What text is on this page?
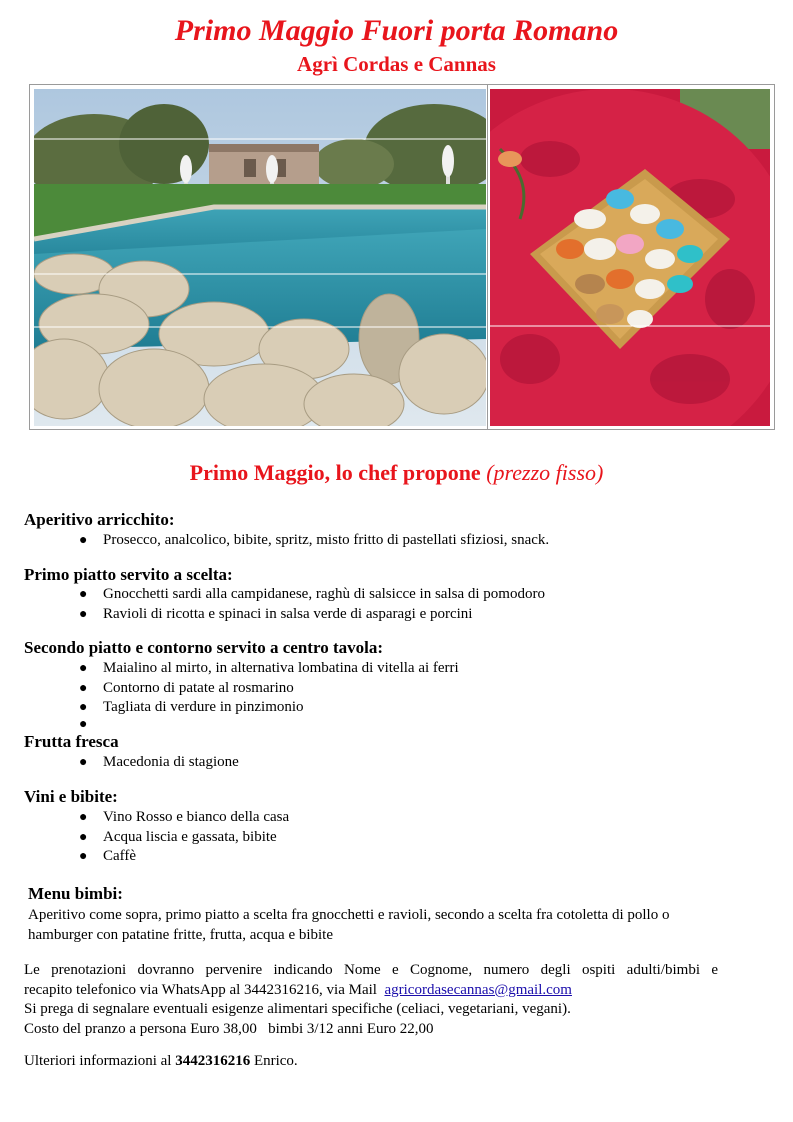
Primo Maggio Fuori porta Romano
Agrì Cordas e Cannas
Primo Maggio, lo chef propone (prezzo fisso)
Aperitivo arricchito:
● Prosecco, analcolico, bibite, spritz, misto fritto di pastellati sfiziosi, snack.
Primo piatto servito a scelta:
● Gnocchetti sardi alla campidanese, raghù di salsicce in salsa di pomodoro
● Ravioli di ricotta e spinaci in salsa verde di asparagi e porcini
Secondo piatto e contorno servito a centro tavola:
● Maialino al mirto, in alternativa lombatina di vitella ai ferri
● Contorno di patate al rosmarino
● Tagliata di verdure in pinzimonio
●
Frutta fresca
● Macedonia di stagione
Vini e bibite:
● Vino Rosso e bianco della casa
● Acqua liscia e gassata, bibite
● Caffè
Menu bimbi:
Aperitivo come sopra, primo piatto a scelta fra gnocchetti e ravioli, secondo a scelta fra cotoletta di pollo o hamburger con patatine fritte, frutta, acqua e bibite

Le prenotazioni dovranno pervenire indicando Nome e Cognome, numero degli ospiti adulti/bimbi e

recapito telefonico via WhatsApp al 3442316216, via Mail agricordasecannas@gmail.com

Si prega di segnalare eventuali esigenze alimentari specifiche (celiaci, vegetariani, vegani).

Costo del pranzo a persona Euro 38,00   bimbi 3/12 anni Euro 22,00

Ulteriori informazioni al 3442316216 Enrico.
